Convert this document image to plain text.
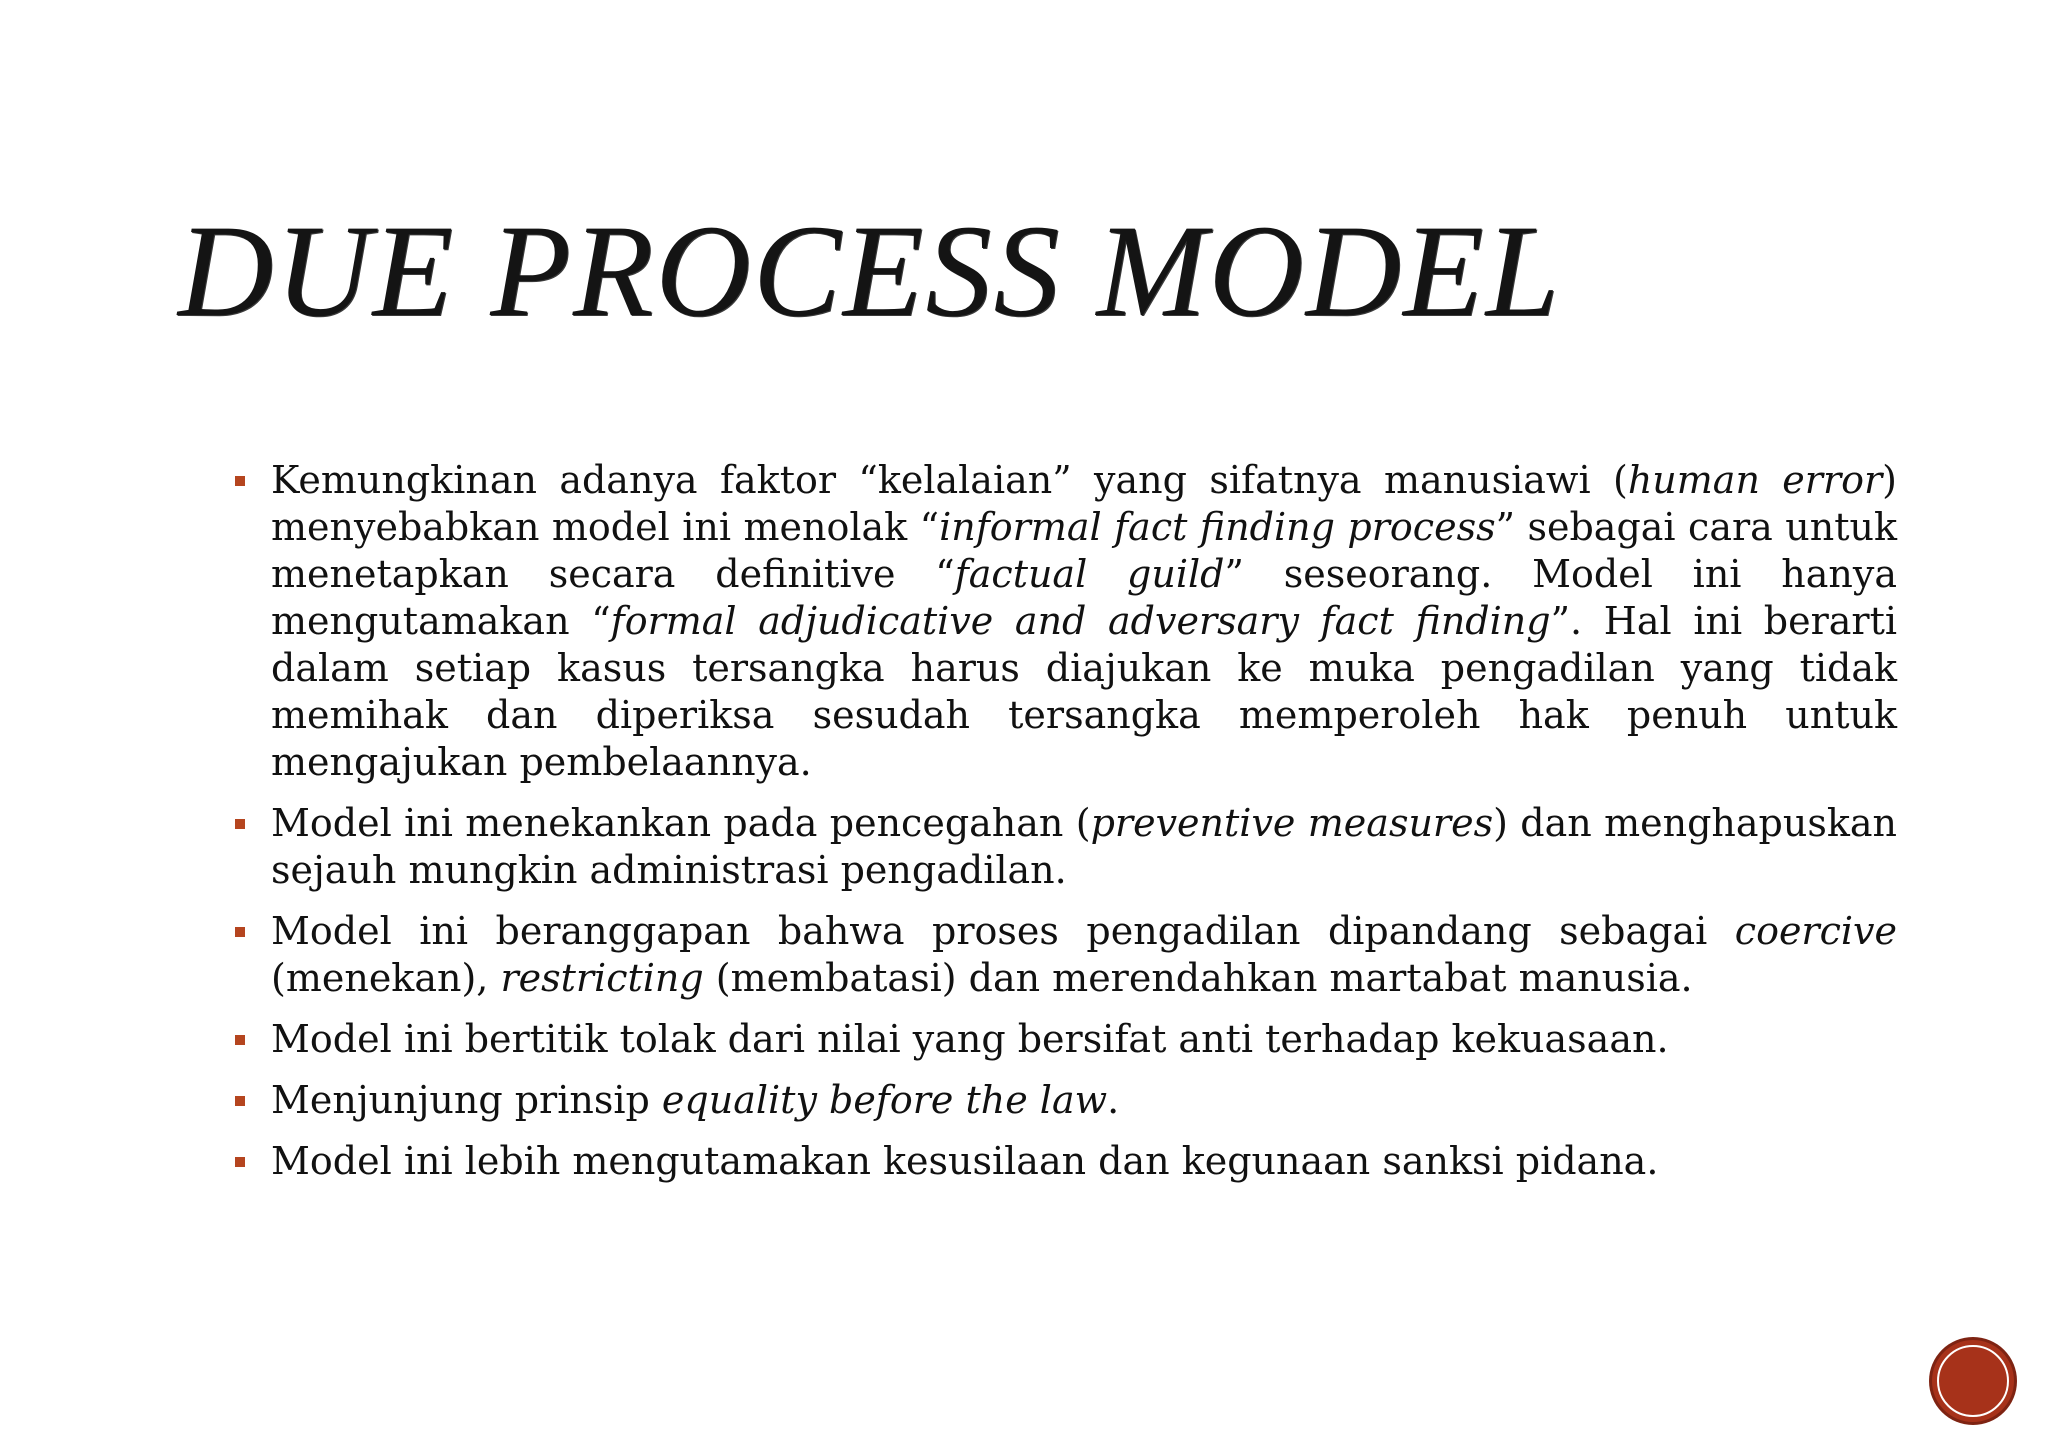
DUE PROCESS MODEL
Kemungkinan adanya faktor “kelalaian” yang sifatnya manusiawi (human error) menyebabkan model ini menolak “informal fact finding process” sebagai cara untuk menetapkan secara definitive “factual guild” seseorang. Model ini hanya mengutamakan “formal adjudicative and adversary fact finding”. Hal ini berarti dalam setiap kasus tersangka harus diajukan ke muka pengadilan yang tidak memihak dan diperiksa sesudah tersangka memperoleh hak penuh untuk mengajukan pembelaannya.
Model ini menekankan pada pencegahan (preventive measures) dan menghapuskan sejauh mungkin administrasi pengadilan.
Model ini beranggapan bahwa proses pengadilan dipandang sebagai coercive (menekan), restricting (membatasi) dan merendahkan martabat manusia.
Model ini bertitik tolak dari nilai yang bersifat anti terhadap kekuasaan.
Menjunjung prinsip equality before the law.
Model ini lebih mengutamakan kesusilaan dan kegunaan sanksi pidana.
